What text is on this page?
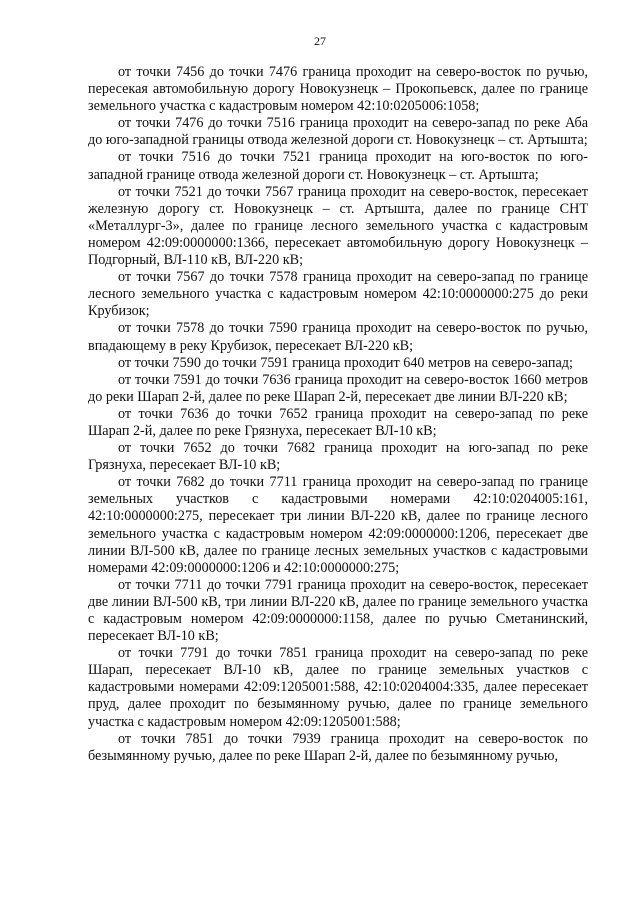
27

от точки 7456 до точки 7476 граница проходит на северо-восток по ручью, пересекая автомобильную дорогу Новокузнецк – Прокопьевск, далее по границе земельного участка с кадастровым номером 42:10:0205006:1058;

от точки 7476 до точки 7516 граница проходит на северо-запад по реке Аба до юго-западной границы отвода железной дороги ст. Новокузнецк – ст. Артышта;

от точки 7516 до точки 7521 граница проходит на юго-восток по юго-западной границе отвода железной дороги ст. Новокузнецк – ст. Артышта;

от точки 7521 до точки 7567 граница проходит на северо-восток, пересекает железную дорогу ст. Новокузнецк – ст. Артышта, далее по границе СНТ «Металлург-3», далее по границе лесного земельного участка с кадастровым номером 42:09:0000000:1366, пересекает автомобильную дорогу Новокузнецк – Подгорный, ВЛ-110 кВ, ВЛ-220 кВ;

от точки 7567 до точки 7578 граница проходит на северо-запад по границе лесного земельного участка с кадастровым номером 42:10:0000000:275 до реки Крубизок;

от точки 7578 до точки 7590 граница проходит на северо-восток по ручью, впадающему в реку Крубизок, пересекает ВЛ-220 кВ;

от точки 7590 до точки 7591 граница проходит 640 метров на северо-запад;

от точки 7591 до точки 7636 граница проходит на северо-восток 1660 метров до реки Шарап 2-й, далее по реке Шарап 2-й, пересекает две линии ВЛ-220 кВ;

от точки 7636 до точки 7652 граница проходит на северо-запад по реке Шарап 2-й, далее по реке Грязнуха, пересекает ВЛ-10 кВ;

от точки 7652 до точки 7682 граница проходит на юго-запад по реке Грязнуха, пересекает ВЛ-10 кВ;

от точки 7682 до точки 7711 граница проходит на северо-запад по границе земельных участков с кадастровыми номерами 42:10:0204005:161, 42:10:0000000:275, пересекает три линии ВЛ-220 кВ, далее по границе лесного земельного участка с кадастровым номером 42:09:0000000:1206, пересекает две линии ВЛ-500 кВ, далее по границе лесных земельных участков с кадастровыми номерами 42:09:0000000:1206 и 42:10:0000000:275;

от точки 7711 до точки 7791 граница проходит на северо-восток, пересекает две линии ВЛ-500 кВ, три линии ВЛ-220 кВ, далее по границе земельного участка с кадастровым номером 42:09:0000000:1158, далее по ручью Сметанинский, пересекает ВЛ-10 кВ;

от точки 7791 до точки 7851 граница проходит на северо-запад по реке Шарап, пересекает ВЛ-10 кВ, далее по границе земельных участков с кадастровыми номерами 42:09:1205001:588, 42:10:0204004:335, далее пересекает пруд, далее проходит по безымянному ручью, далее по границе земельного участка с кадастровым номером 42:09:1205001:588;

от точки 7851 до точки 7939 граница проходит на северо-восток по безымянному ручью, далее по реке Шарап 2-й, далее по безымянному ручью,
